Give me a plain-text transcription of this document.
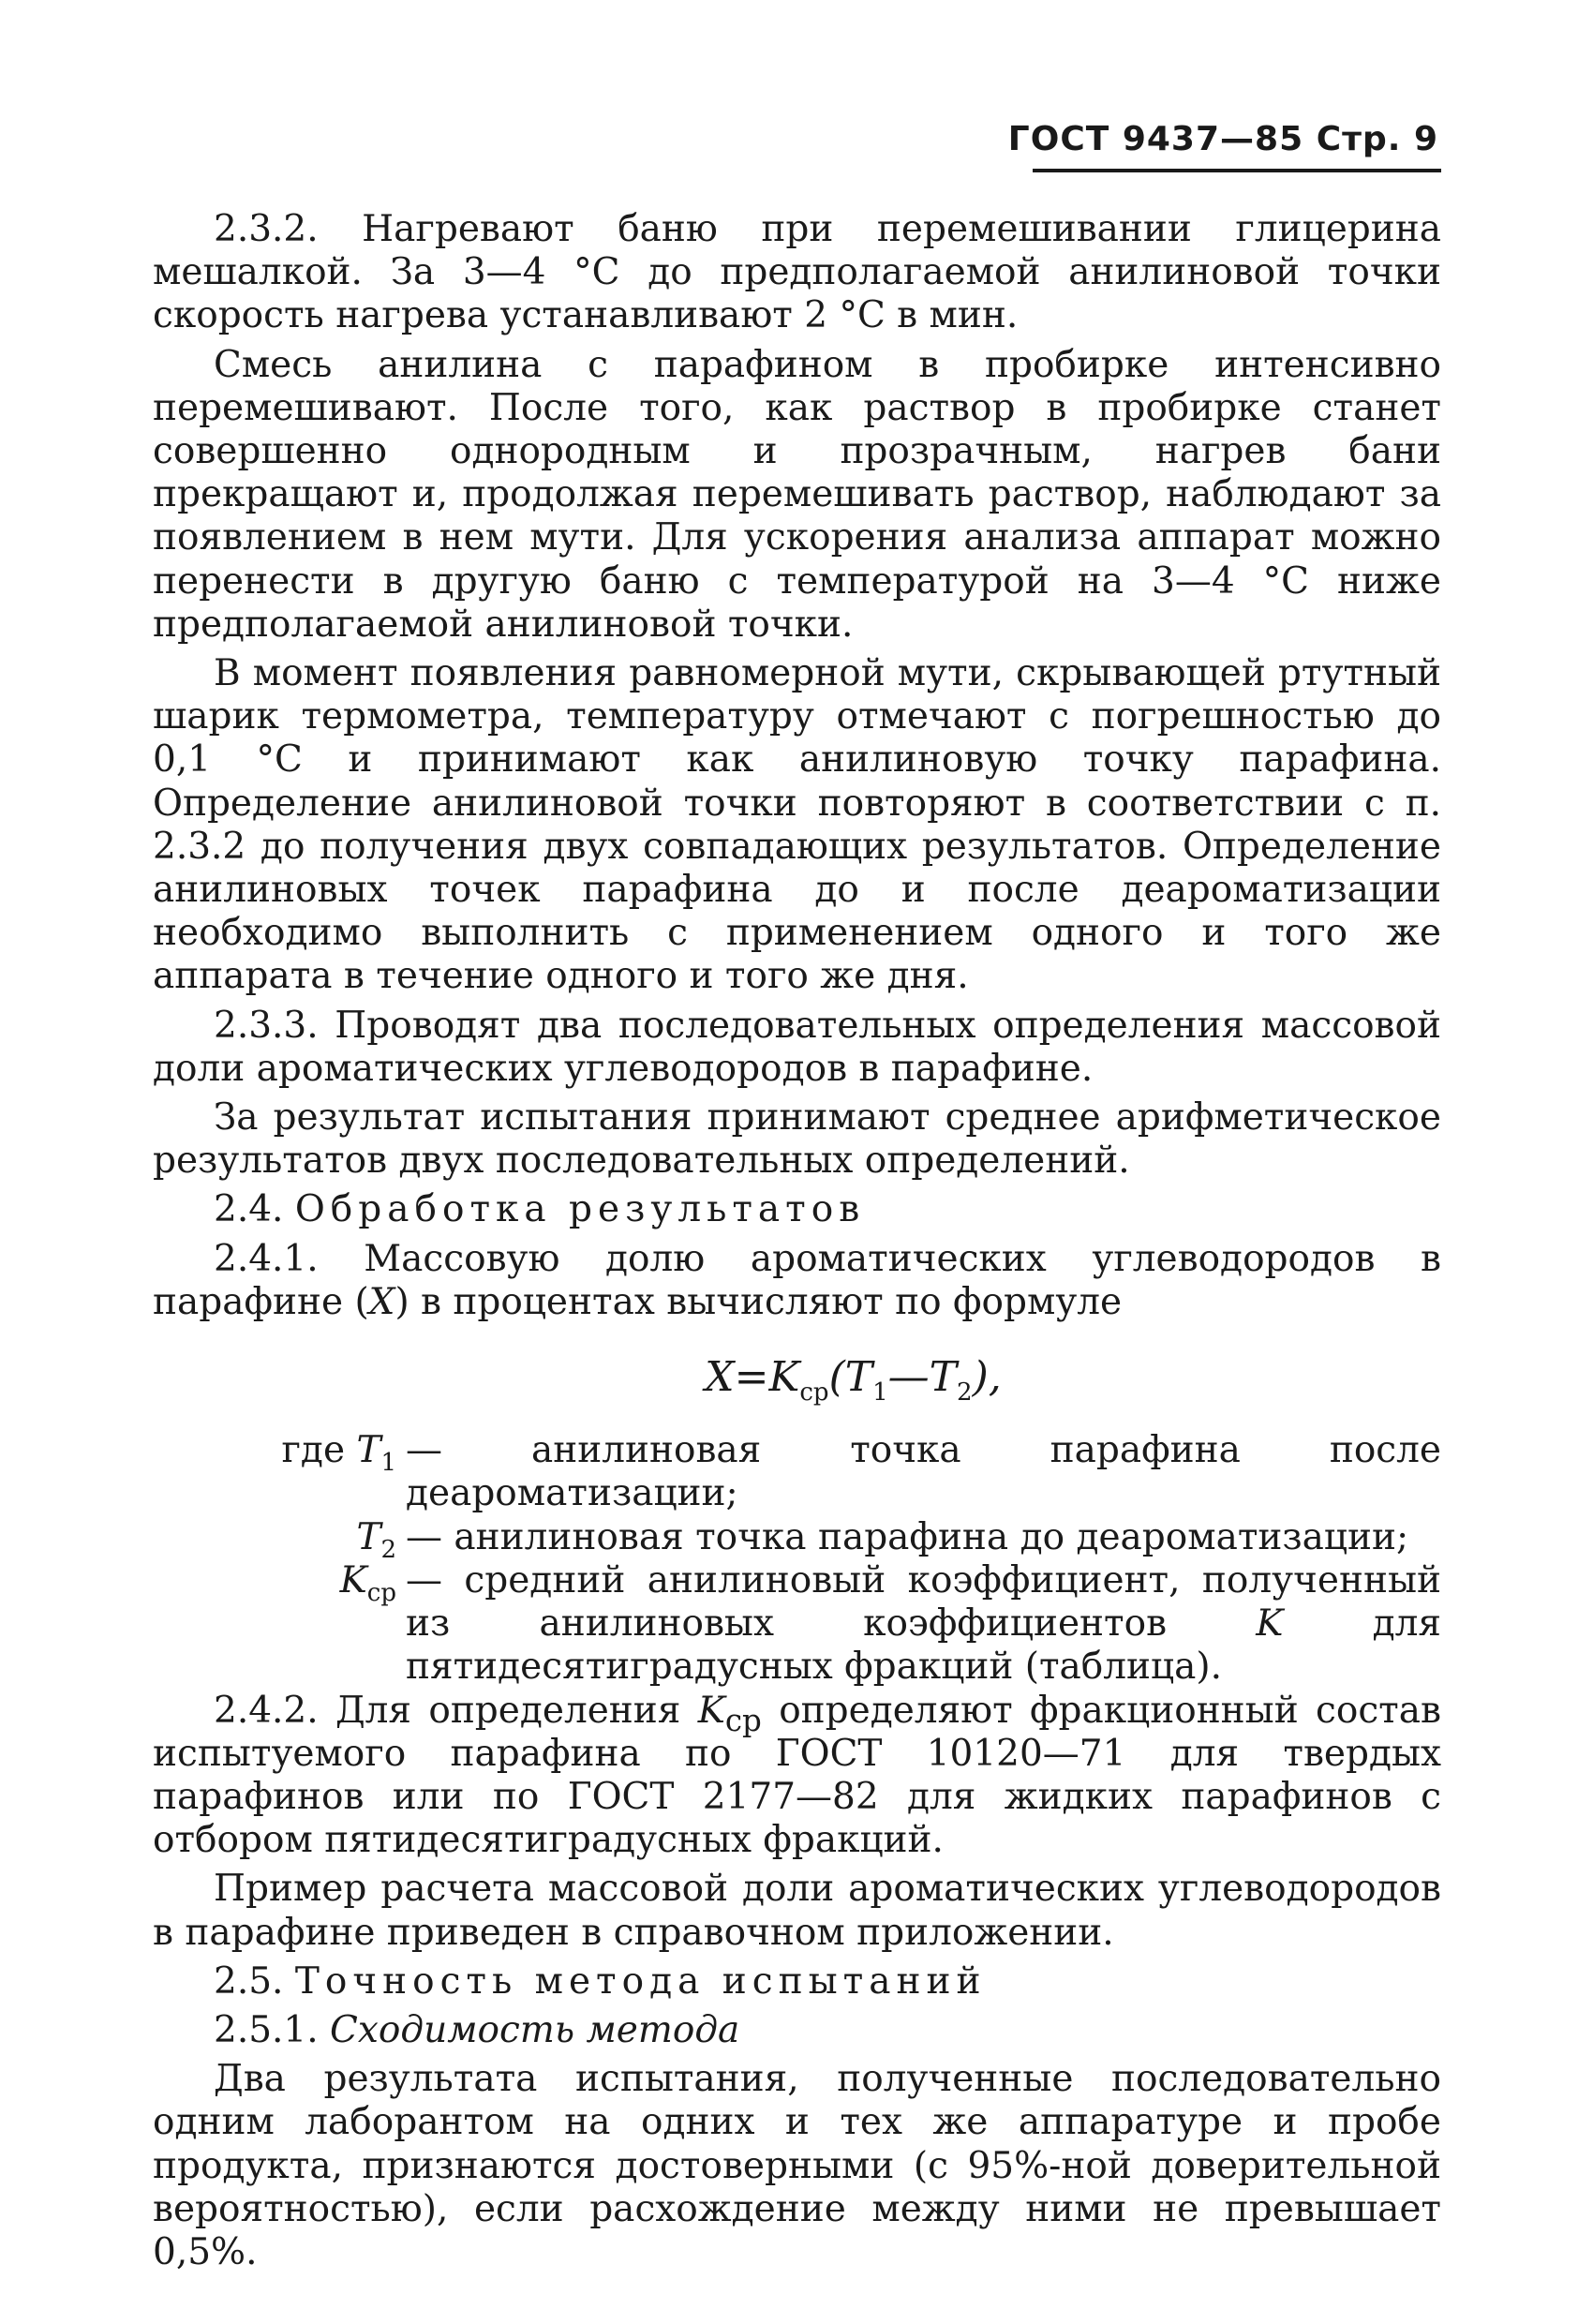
ГОСТ 9437—85 Стр. 9

2.3.2. Нагревают баню при перемешивании глицерина мешалкой. За 3—4 °С до предполагаемой анилиновой точки скорость нагрева устанавливают 2 °С в мин.

Смесь анилина с парафином в пробирке интенсивно перемешивают. После того, как раствор в пробирке станет совершенно однородным и прозрачным, нагрев бани прекращают и, продолжая перемешивать раствор, наблюдают за появлением в нем мути. Для ускорения анализа аппарат можно перенести в другую баню с температурой на 3—4 °С ниже предполагаемой анилиновой точки.

В момент появления равномерной мути, скрывающей ртутный шарик термометра, температуру отмечают с погрешностью до 0,1 °С и принимают как анилиновую точку парафина. Определение анилиновой точки повторяют в соответствии с п. 2.3.2 до получения двух совпадающих результатов. Определение анилиновых точек парафина до и после деароматизации необходимо выполнить с применением одного и того же аппарата в течение одного и того же дня.

2.3.3. Проводят два последовательных определения массовой доли ароматических углеводородов в парафине.

За результат испытания принимают среднее арифметическое результатов двух последовательных определений.

2.4. Обработка результатов

2.4.1. Массовую долю ароматических углеводородов в парафине (X) в процентах вычисляют по формуле

$X=K_{ср}(T_1—T_2)$,
где $T_1$ — анилиновая точка парафина после деароматизации;
$T_2$ — анилиновая точка парафина до деароматизации;
$K_{ср}$ — средний анилиновый коэффициент, полученный из анилиновых коэффициентов K для пятидесятиградусных фракций (таблица).

2.4.2. Для определения $K_{ср}$ определяют фракционный состав испытуемого парафина по ГОСТ 10120—71 для твердых парафинов или по ГОСТ 2177—82 для жидких парафинов с отбором пятидесятиградусных фракций.

Пример расчета массовой доли ароматических углеводородов в парафине приведен в справочном приложении.

2.5. Точность метода испытаний

2.5.1. Сходимость метода

Два результата испытания, полученные последовательно одним лаборантом на одних и тех же аппаратуре и пробе продукта, признаются достоверными (с 95%-ной доверительной вероятностью), если расхождение между ними не превышает 0,5%.
